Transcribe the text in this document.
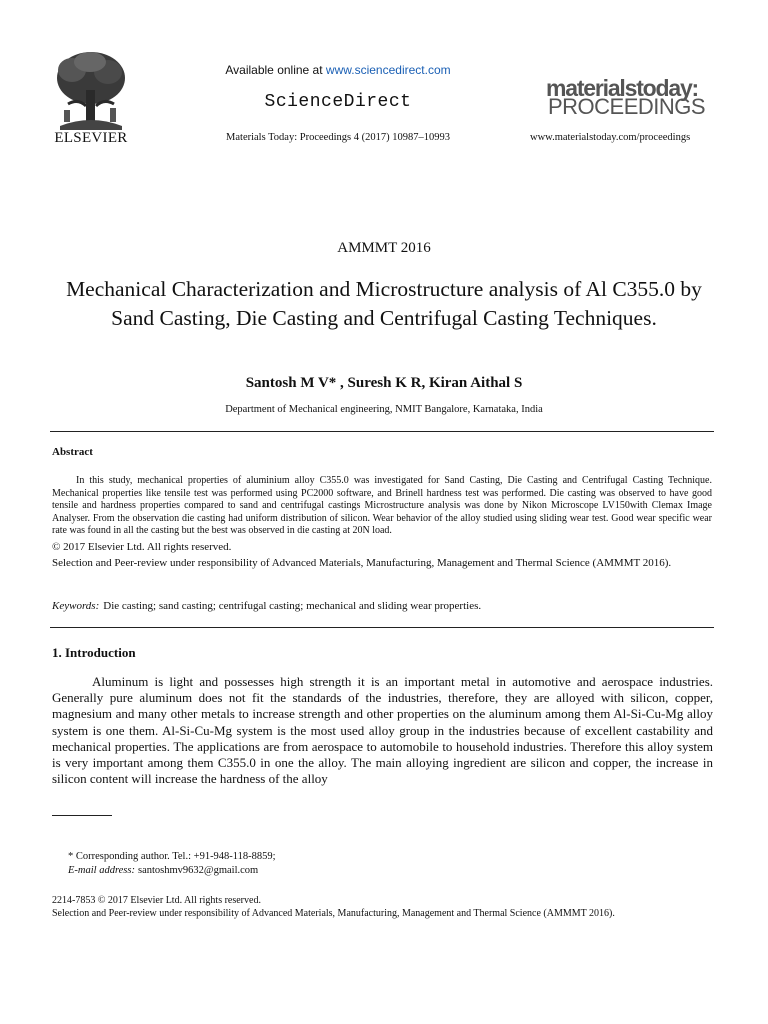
ELSEVIER
Available online at www.sciencedirect.com
ScienceDirect
Materials Today: Proceedings 4 (2017) 10987–10993
materialstoday:
PROCEEDINGS
www.materialstoday.com/proceedings
AMMMT 2016
Mechanical Characterization and Microstructure analysis of Al C355.0 by Sand Casting, Die Casting and Centrifugal Casting Techniques.
Santosh M V* , Suresh K R, Kiran Aithal S
Department of Mechanical engineering, NMIT Bangalore, Karnataka, India
Abstract
In this study, mechanical properties of aluminium alloy C355.0 was investigated for Sand Casting, Die Casting and Centrifugal Casting Technique. Mechanical properties like tensile test was performed using PC2000 software, and Brinell hardness test was performed. Die casting was observed to have good tensile and hardness properties compared to sand and centrifugal castings Microstructure analysis was done by Nikon Microscope LV150with Clemax Image Analyser. From the observation die casting had uniform distribution of silicon. Wear behavior of the alloy studied using sliding wear test. Good wear specific wear rate was found in all the casting but the best was observed in die casting at 20N load.
© 2017 Elsevier Ltd. All rights reserved.
Selection and Peer-review under responsibility of Advanced Materials, Manufacturing, Management and Thermal Science (AMMMT 2016).
Keywords: Die casting; sand casting; centrifugal casting; mechanical and sliding wear properties.
1. Introduction
Aluminum is light and possesses high strength it is an important metal in automotive and aerospace industries. Generally pure aluminum does not fit the standards of the industries, therefore, they are alloyed with silicon, copper, magnesium and many other metals to increase strength and other properties on the aluminum among them Al-Si-Cu-Mg alloy system is one them. Al-Si-Cu-Mg system is the most used alloy group in the industries because of excellent castability and mechanical properties. The applications are from aerospace to automobile to household industries. Therefore this alloy system is very important among them C355.0 in one the alloy. The main alloying ingredient are silicon and copper, the increase in silicon content will increase the hardness of the alloy
* Corresponding author. Tel.: +91-948-118-8859;
E-mail address: santoshmv9632@gmail.com
2214-7853 © 2017 Elsevier Ltd. All rights reserved.
Selection and Peer-review under responsibility of Advanced Materials, Manufacturing, Management and Thermal Science (AMMMT 2016).
